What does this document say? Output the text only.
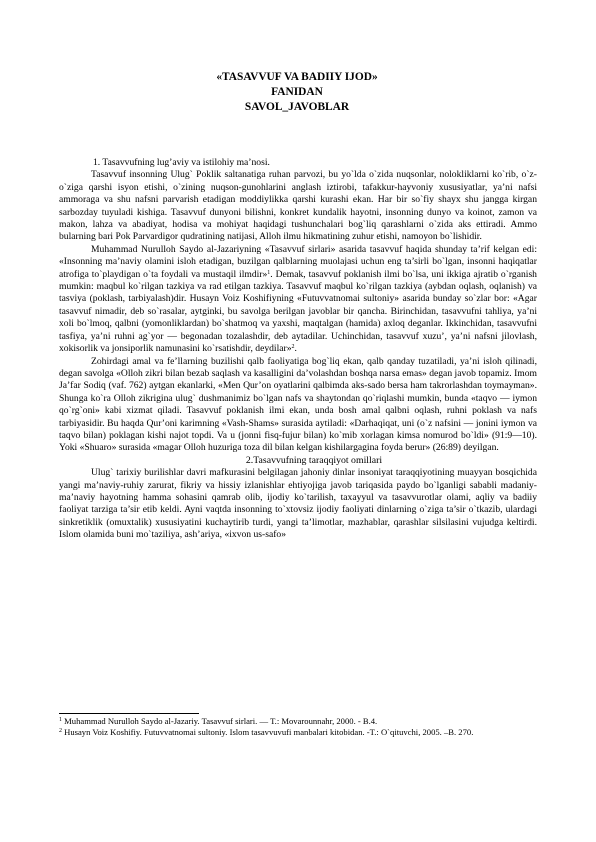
«TASAVVUF VA BADIIY IJOD»
FANIDAN
SAVOL_JAVOBLAR

1. Tasavvufning lug’aviy va istilohiy ma’nosi.

Tasavvuf insonning Ulug` Poklik saltanatiga ruhan parvozi, bu yo`lda o`zida nuqsonlar, nolokliklarni ko`rib, o`z-o`ziga qarshi isyon etishi, o`zining nuqson-gunohlarini anglash iztirobi, tafakkur-hayvoniy xususiyatlar, ya’ni nafsi ammoraga va shu nafsni parvarish etadigan moddiylikka qarshi kurashi ekan. Har bir so`fiy shayx shu jangga kirgan sarbozday tuyuladi kishiga. Tasavvuf dunyoni bilishni, konkret kundalik hayotni, insonning dunyo va koinot, zamon va makon, lahza va abadiyat, hodisa va mohiyat haqidagi tushunchalari bog`liq qarashlarni o`zida aks ettiradi. Ammo bularning bari Pok Parvardigor qudratining natijasi, Alloh ilmu hikmatining zuhur etishi, namoyon bo`lishidir.

Muhammad Nurulloh Saydo al-Jazariyning «Tasavvuf sirlari» asarida tasavvuf haqida shunday ta’rif kelgan edi: «Insonning ma’naviy olamini isloh etadigan, buzilgan qalblarning muolajasi uchun eng ta’sirli bo`lgan, insonni haqiqatlar atrofiga to`playdigan o`ta foydali va mustaqil ilmdir»$^1$. Demak, tasavvuf poklanish ilmi bo`lsa, uni ikkiga ajratib o`rganish mumkin: maqbul ko`rilgan tazkiya va rad etilgan tazkiya. Tasavvuf maqbul ko`rilgan tazkiya (aybdan oqlash, oqlanish) va tasviya (poklash, tarbiyalash)dir. Husayn Voiz Koshifiyning «Futuvvatnomai sultoniy» asarida bunday so`zlar bor: «Agar tasavvuf nimadir, deb so`rasalar, aytginki, bu savolga berilgan javoblar bir qancha. Birinchidan, tasavvufni tahliya, ya’ni xoli bo`lmoq, qalbni (yomonliklardan) bo`shatmoq va yaxshi, maqtalgan (hamida) axloq deganlar. Ikkinchidan, tasavvufni tasfiya, ya’ni ruhni ag`yor — begonadan tozalashdir, deb aytadilar. Uchinchidan, tasavvuf xuzu’, ya’ni nafsni jilovlash, xokisorlik va jonsiporlik namunasini ko`rsatishdir, deydilar»$^2$.

Zohirdagi amal va fe’llarning buzilishi qalb faoliyatiga bog`liq ekan, qalb qanday tuzatiladi, ya’ni isloh qilinadi, degan savolga «Olloh zikri bilan bezab saqlash va kasalligini da’volashdan boshqa narsa emas» degan javob topamiz. Imom Ja’far Sodiq (vaf. 762) aytgan ekanlarki, «Men Qur’on oyatlarini qalbimda aks-sado bersa ham takrorlashdan toymayman». Shunga ko`ra Olloh zikrigina ulug` dushmanimiz bo`lgan nafs va shaytondan qo`riqlashi mumkin, bunda «taqvo — iymon qo`rg`oni» kabi xizmat qiladi. Tasavvuf poklanish ilmi ekan, unda bosh amal qalbni oqlash, ruhni poklash va nafs tarbiyasidir. Bu haqda Qur’oni karimning «Vash-Shams» surasida aytiladi: «Darhaqiqat, uni (o`z nafsini — jonini iymon va taqvo bilan) poklagan kishi najot topdi. Va u (jonni fisq-fujur bilan) ko`mib xorlagan kimsa nomurod bo`ldi» (91:9—10). Yoki «Shuaro» surasida «magar Olloh huzuriga toza dil bilan kelgan kishilargagina foyda berur» (26:89) deyilgan.

2.Tasavvufning taraqqiyot omillari

Ulug` tarixiy burilishlar davri mafkurasini belgilagan jahoniy dinlar insoniyat taraqqiyotining muayyan bosqichida yangi ma’naviy-ruhiy zarurat, fikriy va hissiy izlanishlar ehtiyojiga javob tariqasida paydo bo`lganligi sababli madaniy-ma’naviy hayotning hamma sohasini qamrab olib, ijodiy ko`tarilish, taxayyul va tasavvurotlar olami, aqliy va badiiy faoliyat tarziga ta’sir etib keldi. Ayni vaqtda insonning to`xtovsiz ijodiy faoliyati dinlarning o`ziga ta’sir o`tkazib, ulardagi sinkretiklik (omuxtalik) xususiyatini kuchaytirib turdi, yangi ta’limotlar, mazhablar, qarashlar silsilasini vujudga keltirdi. Islom olamida buni mo`taziliya, ash’ariya, «ixvon us-safo»

$^1$ Muhammad Nurulloh Saydo al-Jazariy. Tasavvuf sirlari. — T.: Movarounnahr, 2000. - B.4.

$^2$ Husayn Voiz Koshifiy. Futuvvatnomai sultoniy. Islom tasavvuvufi manbalari kitobidan. -T.: O`qituvchi, 2005. –B. 270.
